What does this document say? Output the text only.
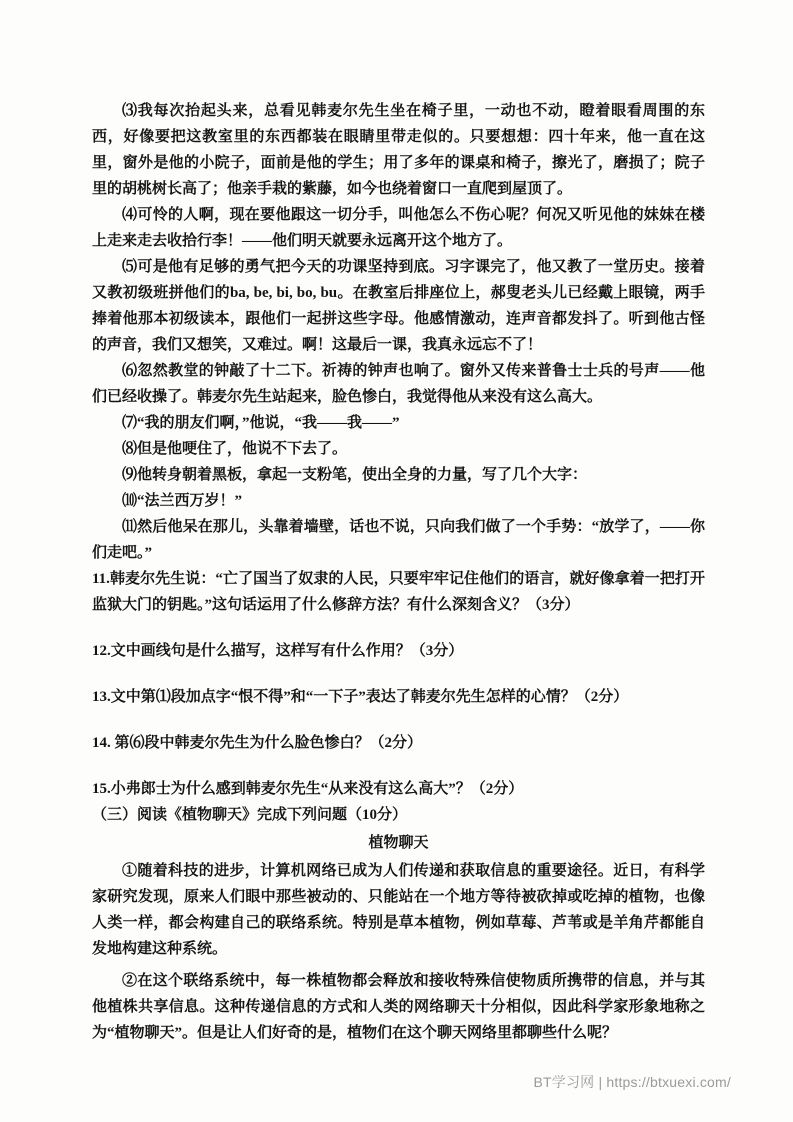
⑶我每次抬起头来，总看见韩麦尔先生坐在椅子里，一动也不动，瞪着眼看周围的东西，好像要把这教室里的东西都装在眼睛里带走似的。只要想想：四十年来，他一直在这里，窗外是他的小院子，面前是他的学生；用了多年的课桌和椅子，擦光了，磨损了；院子里的胡桃树长高了；他亲手栽的紫藤，如今也绕着窗口一直爬到屋顶了。

⑷可怜的人啊，现在要他跟这一切分手，叫他怎么不伤心呢？何况又听见他的妹妹在楼上走来走去收拾行李！——他们明天就要永远离开这个地方了。

⑸可是他有足够的勇气把今天的功课坚持到底。习字课完了，他又教了一堂历史。接着又教初级班拼他们的ba, be, bi, bo, bu。在教室后排座位上，郝叟老头儿已经戴上眼镜，两手捧着他那本初级读本，跟他们一起拼这些字母。他感情激动，连声音都发抖了。听到他古怪的声音，我们又想笑，又难过。啊！这最后一课，我真永远忘不了！

⑹忽然教堂的钟敲了十二下。祈祷的钟声也响了。窗外又传来普鲁士士兵的号声——他们已经收操了。韩麦尔先生站起来，脸色惨白，我觉得他从来没有这么高大。

⑺“我的朋友们啊，”他说，“我——我——”

⑻但是他哽住了，他说不下去了。

⑼他转身朝着黑板，拿起一支粉笔，使出全身的力量，写了几个大字：

⑽“法兰西万岁！”

⑾然后他呆在那儿，头靠着墙壁，话也不说，只向我们做了一个手势：“放学了，——你们走吧。”

11.韩麦尔先生说：“亡了国当了奴隶的人民，只要牢牢记住他们的语言，就好像拿着一把打开监狱大门的钥匙。”这句话运用了什么修辞方法？有什么深刻含义？（3分）

12.文中画线句是什么描写，这样写有什么作用？（3分）

13.文中第⑴段加点字“恨不得”和“一下子”表达了韩麦尔先生怎样的心情？（2分）

14. 第⑹段中韩麦尔先生为什么脸色惨白？（2分）

15.小弗郎士为什么感到韩麦尔先生“从来没有这么高大”？（2分）

（三）阅读《植物聊天》完成下列问题（10分）

植物聊天

①随着科技的进步，计算机网络已成为人们传递和获取信息的重要途径。近日，有科学家研究发现，原来人们眼中那些被动的、只能站在一个地方等待被砍掉或吃掉的植物，也像人类一样，都会构建自己的联络系统。特别是草本植物，例如草莓、芦苇或是羊角芹都能自发地构建这种系统。

②在这个联络系统中，每一株植物都会释放和接收特殊信使物质所携带的信息，并与其他植株共享信息。这种传递信息的方式和人类的网络聊天十分相似，因此科学家形象地称之为“植物聊天”。但是让人们好奇的是，植物们在这个聊天网络里都聊些什么呢？

BT学习网 | https://btxuexi.com/
